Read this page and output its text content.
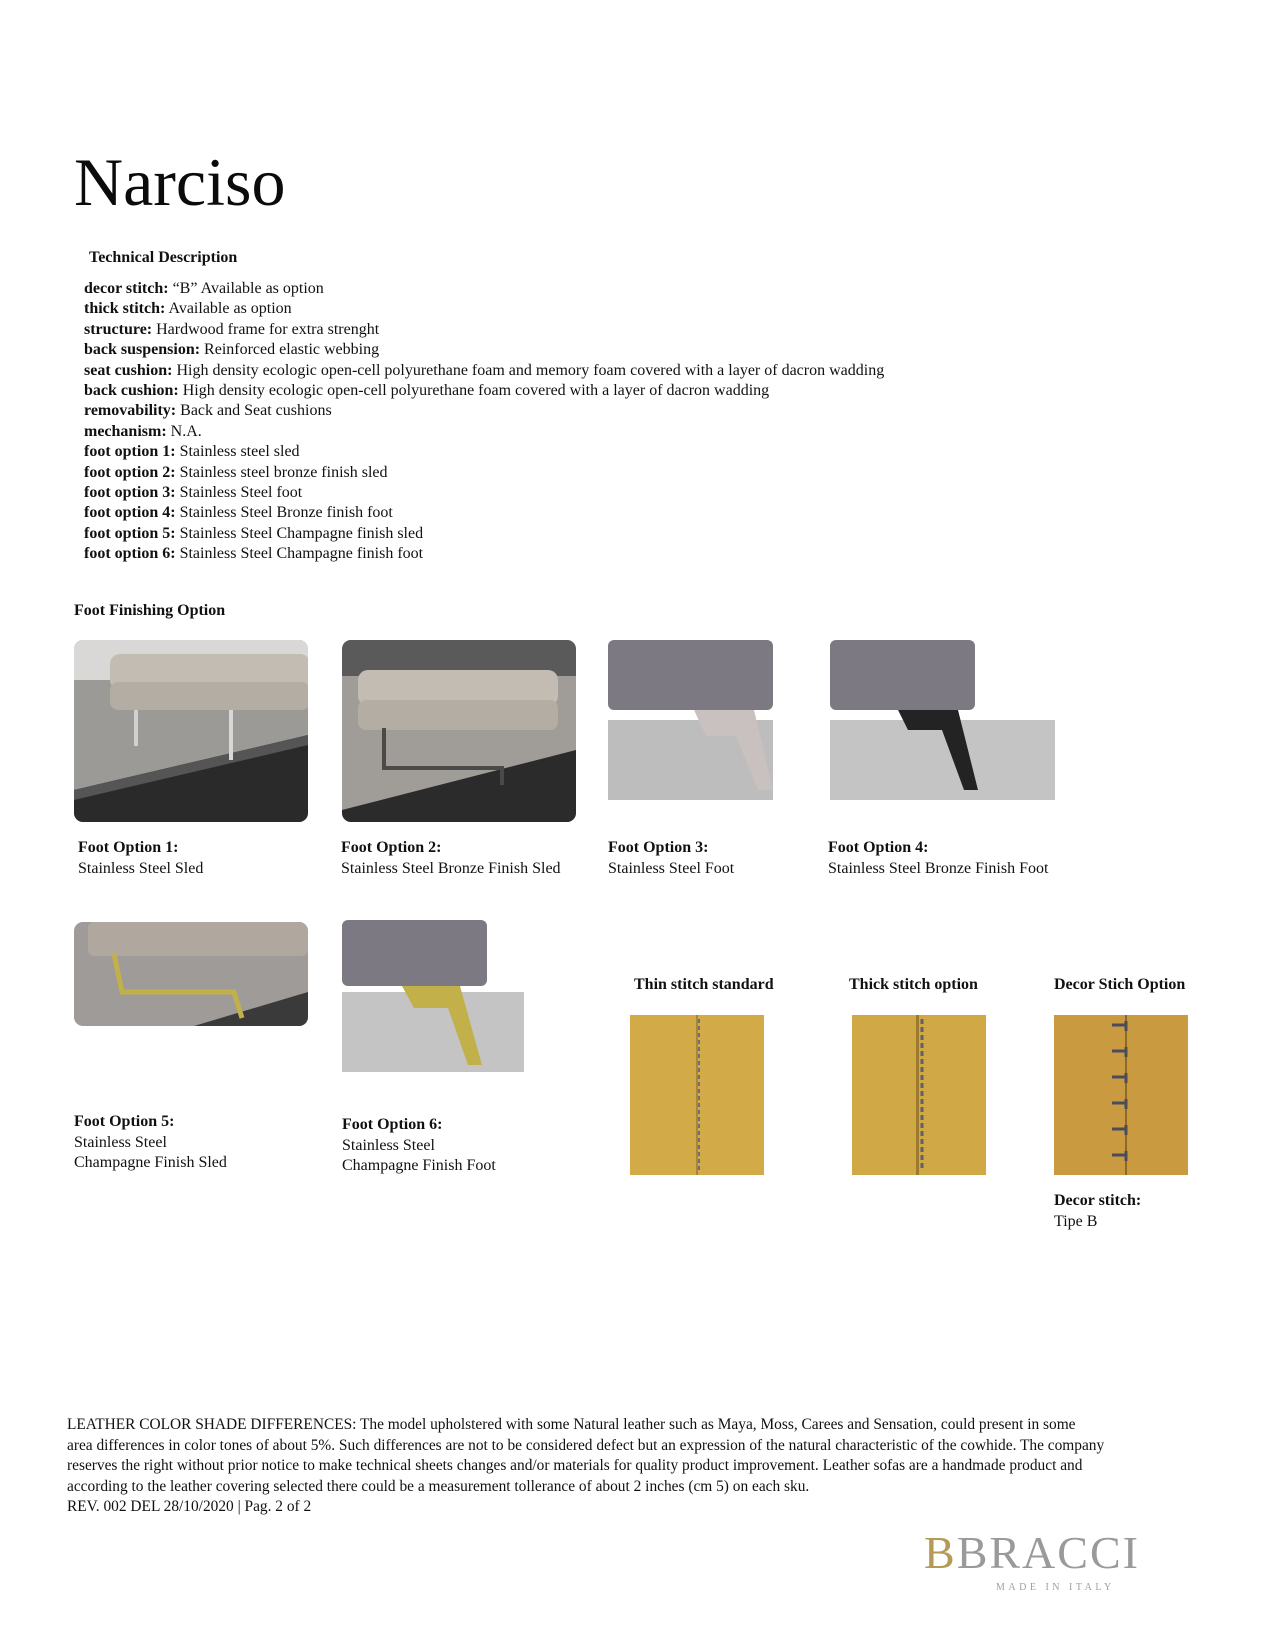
Narciso
Technical Description
decor stitch: “B” Available as option
thick stitch: Available as option
structure: Hardwood frame for extra strenght
back suspension: Reinforced elastic webbing
seat cushion: High density ecologic open-cell polyurethane foam and memory foam covered with a layer of dacron wadding
back cushion: High density ecologic open-cell polyurethane foam covered with a layer of dacron wadding
removability: Back and Seat cushions
mechanism: N.A.
foot option 1: Stainless steel sled
foot option 2: Stainless steel bronze finish sled
foot option 3: Stainless Steel foot
foot option 4: Stainless Steel Bronze finish foot
foot option 5: Stainless Steel Champagne finish sled
foot option 6: Stainless Steel Champagne finish foot
Foot Finishing Option
Foot Option 1:
Stainless Steel Sled
Foot Option 2:
Stainless Steel Bronze Finish Sled
Foot Option 3:
Stainless Steel Foot
Foot Option 4:
Stainless Steel Bronze Finish Foot
Foot Option 5:
Stainless Steel
Champagne Finish Sled
Foot Option 6:
Stainless Steel
Champagne Finish Foot
Thin stitch standard	Thick stitch option	Decor Stich Option
Decor stitch:
Tipe B
LEATHER COLOR SHADE DIFFERENCES: The model upholstered with some Natural leather such as Maya, Moss, Carees and Sensation, could present in some
area differences in color tones of about 5%. Such differences are not to be considered defect but an expression of the natural characteristic of the cowhide. The company
reserves the right without prior notice to make technical sheets changes and/or materials for quality product improvement. Leather sofas are a handmade product and
according to the leather covering selected there could be a measurement tollerance of about 2 inches (cm 5) on each sku.
REV. 002 DEL 28/10/2020 | Pag. 2 of 2
BBRACCI
MADE IN ITALY
